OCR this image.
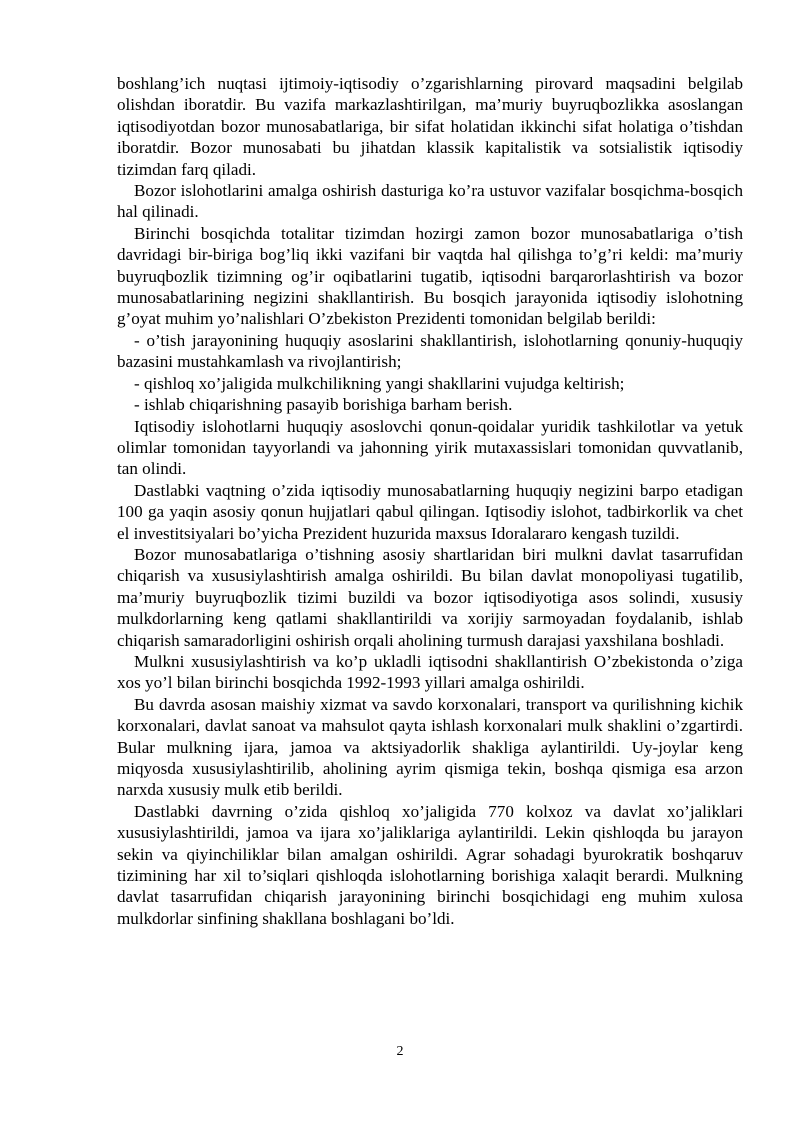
boshlang’ich nuqtasi ijtimoiy-iqtisodiy o’zgarishlarning pirovard maqsadini belgilab olishdan iboratdir. Bu vazifa markazlashtirilgan, ma’muriy buyruqbozlikka asoslangan iqtisodiyotdan bozor munosabatlariga, bir sifat holatidan ikkinchi sifat holatiga o’tishdan iboratdir. Bozor munosabati bu jihatdan klassik kapitalistik va sotsialistik iqtisodiy tizimdan farq qiladi.

Bozor islohotlarini amalga oshirish dasturiga ko’ra ustuvor vazifalar bosqichma-bosqich hal qilinadi.

Birinchi bosqichda totalitar tizimdan hozirgi zamon bozor munosabatlariga o’tish davridagi bir-biriga bog’liq ikki vazifani bir vaqtda hal qilishga to’g’ri keldi: ma’muriy buyruqbozlik tizimning og’ir oqibatlarini tugatib, iqtisodni barqarorlashtirish va bozor munosabatlarining negizini shakllantirish. Bu bosqich jarayonida iqtisodiy islohotning g’oyat muhim yo’nalishlari O’zbekiston Prezidenti tomonidan belgilab berildi:

- o’tish jarayonining huquqiy asoslarini shakllantirish, islohotlarning qonuniy-huquqiy bazasini mustahkamlash va rivojlantirish;

- qishloq xo’jaligida mulkchilikning yangi shakllarini vujudga keltirish;

- ishlab chiqarishning pasayib borishiga barham berish.

Iqtisodiy islohotlarni huquqiy asoslovchi qonun-qoidalar yuridik tashkilotlar va yetuk olimlar tomonidan tayyorlandi va jahonning yirik mutaxassislari tomonidan quvvatlanib, tan olindi.

Dastlabki vaqtning o’zida iqtisodiy munosabatlarning huquqiy negizini barpo etadigan 100 ga yaqin asosiy qonun hujjatlari qabul qilingan. Iqtisodiy islohot, tadbirkorlik va chet el investitsiyalari bo’yicha Prezident huzurida maxsus Idoralararo kengash tuzildi.

Bozor munosabatlariga o’tishning asosiy shartlaridan biri mulkni davlat tasarrufidan chiqarish va xususiylashtirish amalga oshirildi. Bu bilan davlat monopoliyasi tugatilib, ma’muriy buyruqbozlik tizimi buzildi va bozor iqtisodiyotiga asos solindi, xususiy mulkdorlarning keng qatlami shakllantirildi va xorijiy sarmoyadan foydalanib, ishlab chiqarish samaradorligini oshirish orqali aholining turmush darajasi yaxshilana boshladi.

Mulkni xususiylashtirish va ko’p ukladli iqtisodni shakllantirish O’zbekistonda o’ziga xos yo’l bilan birinchi bosqichda 1992-1993 yillari amalga oshirildi.

Bu davrda asosan maishiy xizmat va savdo korxonalari, transport va qurilishning kichik korxonalari, davlat sanoat va mahsulot qayta ishlash korxonalari mulk shaklini o’zgartirdi. Bular mulkning ijara, jamoa va aktsiyadorlik shakliga aylantirildi. Uy-joylar keng miqyosda xususiylashtirilib, aholining ayrim qismiga tekin, boshqa qismiga esa arzon narxda xususiy mulk etib berildi.

Dastlabki davrning o’zida qishloq xo’jaligida 770 kolxoz va davlat xo’jaliklari xususiylashtirildi, jamoa va ijara xo’jaliklariga aylantirildi. Lekin qishloqda bu jarayon sekin va qiyinchiliklar bilan amalgan oshirildi. Agrar sohadagi byurokratik boshqaruv tizimining har xil to’siqlari qishloqda islohotlarning borishiga xalaqit berardi. Mulkning davlat tasarrufidan chiqarish jarayonining birinchi bosqichidagi eng muhim xulosa mulkdorlar sinfining shakllana boshlagani bo’ldi.

2
